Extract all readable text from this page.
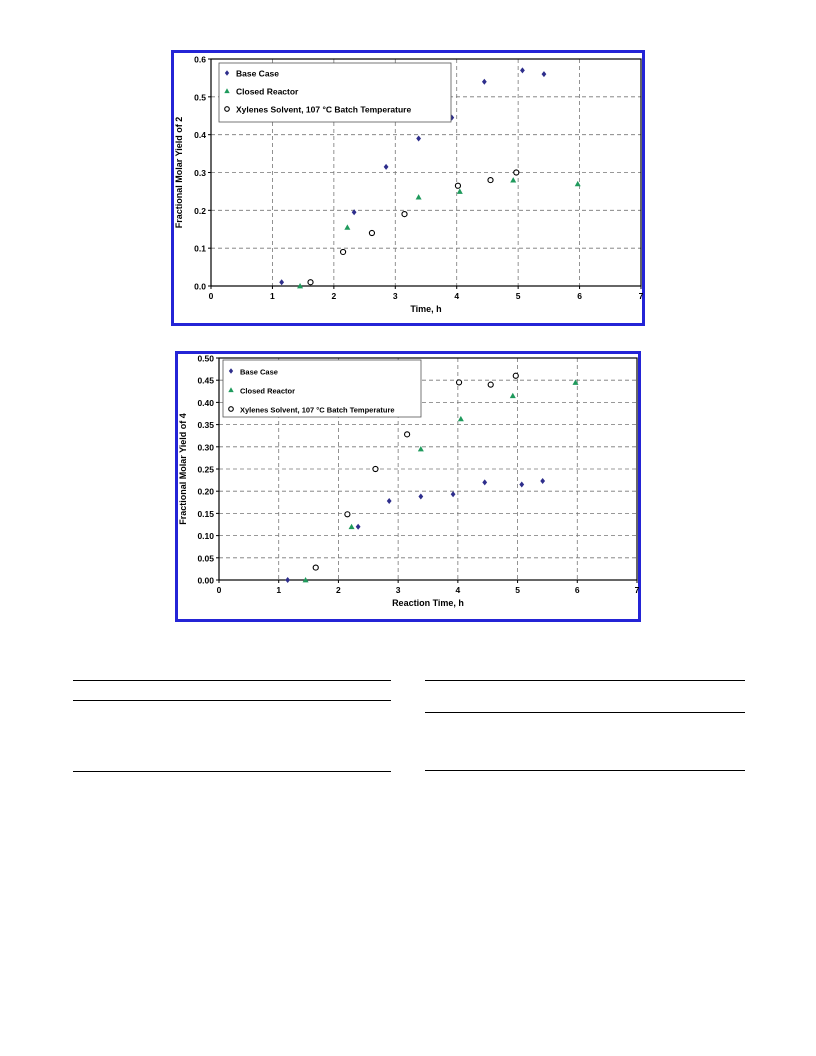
0	1	2	3	4	5	6	7
0.0
0.1
0.2
0.3
0.4
0.5
0.6
Time, h
Fractional Molar Yield of 2
Base Case
Closed Reactor
Xylenes Solvent, 107 °C Batch Temperature
0	1	2	3	4	5	6	7
0.00
0.05
0.10
0.15
0.20
0.25
0.30
0.35
0.40
0.45
0.50
Reaction Time, h
Fractional Molar Yield of 4
Base Case
Closed Reactor
Xylenes Solvent, 107 °C Batch Temperature
